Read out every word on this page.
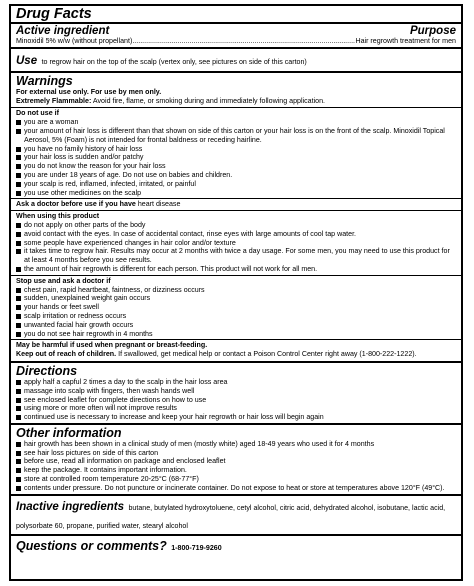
Drug Facts
Active ingredient	Purpose
Minoxidil 5% w/w (without propellant)
.....	Hair regrowth treatment for men
Use to regrow hair on the top of the scalp (vertex only, see pictures on side of this carton)
Warnings
For external use only. For use by men only.
Extremely Flammable: Avoid fire, flame, or smoking during and immediately following application.
Do not use if
you are a woman
your amount of hair loss is different than that shown on side of this carton or your hair loss is on the front of the scalp. Minoxidil Topical Aerosol, 5% (Foam) is not intended for frontal baldness or receding hairline.
you have no family history of hair loss
your hair loss is sudden and/or patchy
you do not know the reason for your hair loss
you are under 18 years of age. Do not use on babies and children.
your scalp is red, inflamed, infected, irritated, or painful
you use other medicines on the scalp
Ask a doctor before use if you have heart disease
When using this product
do not apply on other parts of the body
avoid contact with the eyes. In case of accidental contact, rinse eyes with large amounts of cool tap water.
some people have experienced changes in hair color and/or texture
it takes time to regrow hair. Results may occur at 2 months with twice a day usage. For some men, you may need to use this product for at least 4 months before you see results.
the amount of hair regrowth is different for each person. This product will not work for all men.
Stop use and ask a doctor if
chest pain, rapid heartbeat, faintness, or dizziness occurs
sudden, unexplained weight gain occurs
your hands or feet swell
scalp irritation or redness occurs
unwanted facial hair growth occurs
you do not see hair regrowth in 4 months
May be harmful if used when pregnant or breast-feeding.
Keep out of reach of children. If swallowed, get medical help or contact a Poison Control Center right away (1-800-222-1222).
Directions
apply half a capful 2 times a day to the scalp in the hair loss area
massage into scalp with fingers, then wash hands well
see enclosed leaflet for complete directions on how to use
using more or more often will not improve results
continued use is necessary to increase and keep your hair regrowth or hair loss will begin again
Other information
hair growth has been shown in a clinical study of men (mostly white) aged 18-49 years who used it for 4 months
see hair loss pictures on side of this carton
before use, read all information on package and enclosed leaflet
keep the package. It contains important information.
store at controlled room temperature 20-25°C (68-77°F)
contents under pressure. Do not puncture or incinerate container. Do not expose to heat or store at temperatures above 120°F (49°C).
Inactive ingredients butane, butylated hydroxytoluene, cetyl alcohol, citric acid, dehydrated alcohol, isobutane, lactic acid, polysorbate 60, propane, purified water, stearyl alcohol
Questions or comments? 1-800-719-9260
